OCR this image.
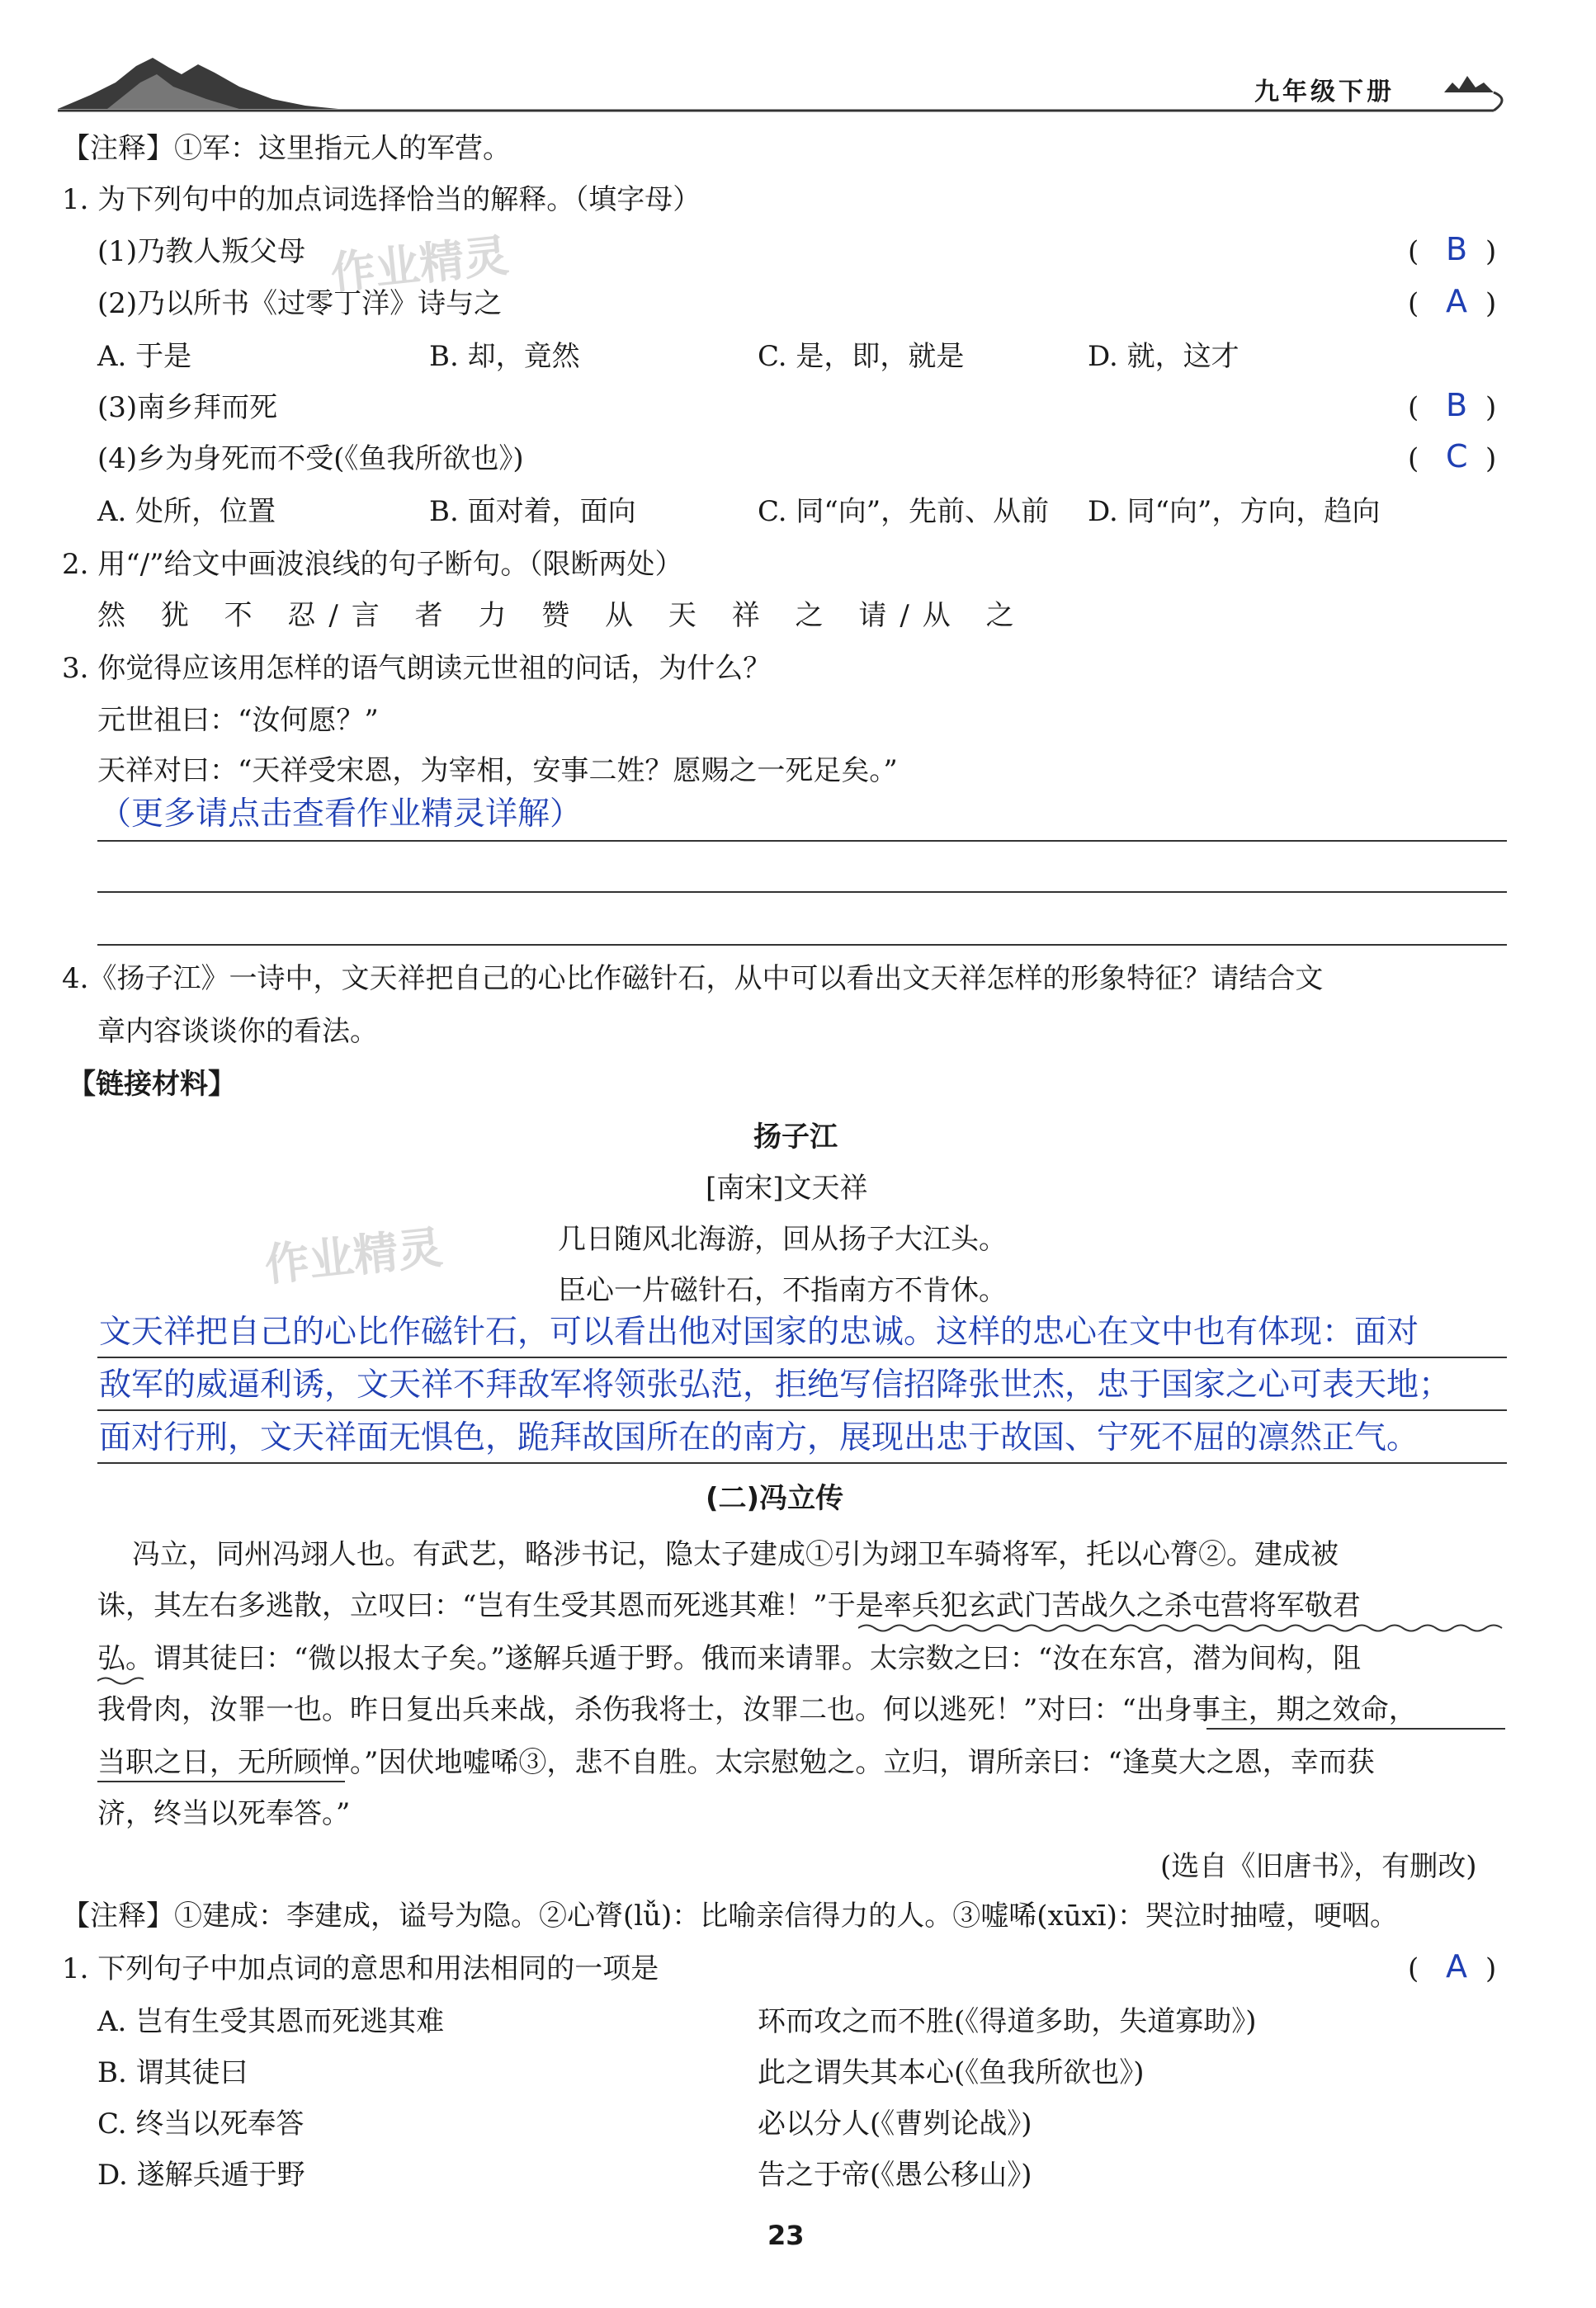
九年级下册
作业精灵
作业精灵
【注释】①军：这里指元人的军营。
1. 为下列句中的加点词选择恰当的解释。（填字母）
(1)乃教人叛父母	( B )
(2)乃以所书《过零丁洋》诗与之	( A )
A. 于是	B. 却，竟然	C. 是，即，就是	D. 就，这才
(3)南乡拜而死	( B )
(4)乡为身死而不受(《鱼我所欲也》)	( C )
A. 处所，位置	B. 面对着，面向	C. 同“向”，先前、从前 D. 同“向”，方向，趋向
2. 用“/”给文中画波浪线的句子断句。（限断两处）
然 犹 不 忍/言 者 力 赞 从 天 祥 之 请/从 之
3. 你觉得应该用怎样的语气朗读元世祖的问话，为什么？
元世祖曰：“汝何愿？”
天祥对曰：“天祥受宋恩，为宰相，安事二姓？愿赐之一死足矣。”
（更多请点击查看作业精灵详解）
4.《扬子江》一诗中，文天祥把自己的心比作磁针石，从中可以看出文天祥怎样的形象特征？请结合文
章内容谈谈你的看法。
【链接材料】
扬子江
[南宋]文天祥
几日随风北海游，回从扬子大江头。
臣心一片磁针石，不指南方不肯休。
文天祥把自己的心比作磁针石，可以看出他对国家的忠诚。这样的忠心在文中也有体现：面对
敌军的威逼利诱，文天祥不拜敌军将领张弘范，拒绝写信招降张世杰，忠于国家之心可表天地；
面对行刑，文天祥面无惧色，跪拜故国所在的南方，展现出忠于故国、宁死不屈的凛然正气。
(二)冯立传
冯立，同州冯翊人也。有武艺，略涉书记，隐太子建成①引为翊卫车骑将军，托以心膂②。建成被
诛，其左右多逃散，立叹曰：“岂有生受其恩而死逃其难！”于是率兵犯玄武门苦战久之杀屯营将军敬君
弘。谓其徒曰：“微以报太子矣。”遂解兵遁于野。俄而来请罪。太宗数之曰：“汝在东宫，潜为间构，阻
我骨肉，汝罪一也。昨日复出兵来战，杀伤我将士，汝罪二也。何以逃死！”对曰：“出身事主，期之效命，
当职之日，无所顾惮。”因伏地嘘唏③，悲不自胜。太宗慰勉之。立归，谓所亲曰：“逢莫大之恩，幸而获
济，终当以死奉答。”
(选自《旧唐书》，有删改)
【注释】①建成：李建成，谥号为隐。②心膂(lǚ)：比喻亲信得力的人。③嘘唏(xūxī)：哭泣时抽噎，哽咽。
1. 下列句子中加点词的意思和用法相同的一项是	( A )
A. 岂有生受其恩而死逃其难	环而攻之而不胜(《得道多助，失道寡助》)
B. 谓其徒曰	此之谓失其本心(《鱼我所欲也》)
C. 终当以死奉答	必以分人(《曹刿论战》)
D. 遂解兵遁于野	告之于帝(《愚公移山》)
23
